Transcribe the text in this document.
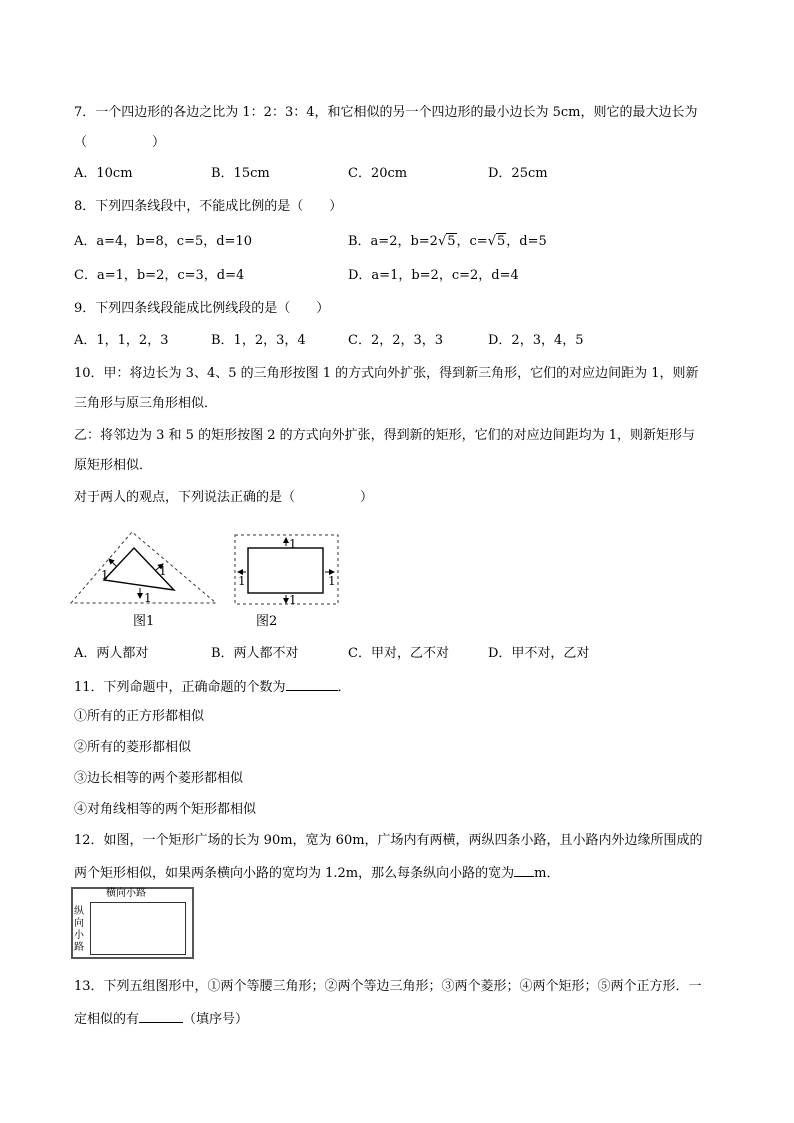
7．一个四边形的各边之比为 1：2：3：4，和它相似的另一个四边形的最小边长为 5cm，则它的最大边长为
（　　　　　）
A．10cm	B．15cm	C．20cm	D．25cm
8．下列四条线段中，不能成比例的是（　　）
A．a=4，b=8，c=5，d=10	B．a=2，b=2√5，c=√5，d=5
C．a=1，b=2，c=3，d=4	D．a=1，b=2，c=2，d=4
9．下列四条线段能成比例线段的是（　　）
A．1，1，2，3	B．1，2，3，4	C．2，2，3，3	D．2，3，4，5
10．甲：将边长为 3、4、5 的三角形按图 1 的方式向外扩张，得到新三角形，它们的对应边间距为 1，则新
三角形与原三角形相似．
乙：将邻边为 3 和 5 的矩形按图 2 的方式向外扩张，得到新的矩形，它们的对应边间距均为 1，则新矩形与
原矩形相似．
对于两人的观点，下列说法正确的是（　　　　　）
1	1
1
图1
1
1	1
1
图2
A．两人都对	B．两人都不对	C．甲对，乙不对	D．甲不对，乙对
11．下列命题中，正确命题的个数为	．
①所有的正方形都相似
②所有的菱形都相似
③边长相等的两个菱形都相似
④对角线相等的两个矩形都相似
12．如图，一个矩形广场的长为 90m，宽为 60m，广场内有两横，两纵四条小路，且小路内外边缘所围成的
两个矩形相似，如果两条横向小路的宽均为 1.2m，那么每条纵向小路的宽为 m．
横向小路
纵向小路
13．下列五组图形中，①两个等腰三角形；②两个等边三角形；③两个菱形；④两个矩形；⑤两个正方形．一
定相似的有	（填序号）
